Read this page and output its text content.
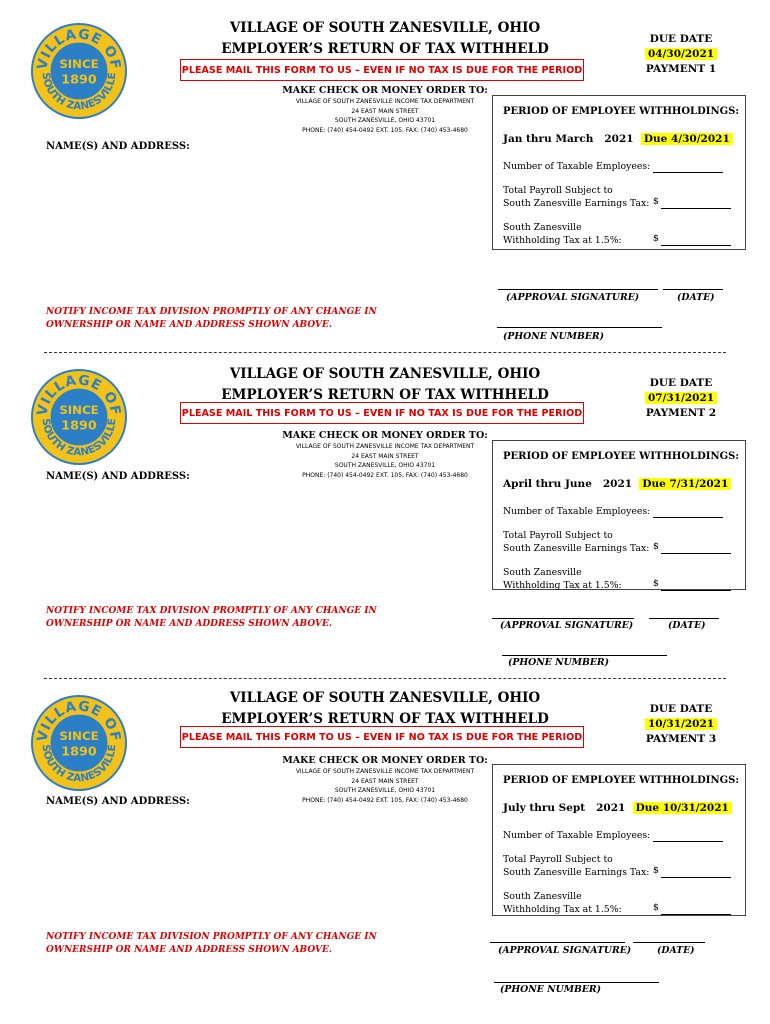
VILLAGE OF
SOUTH ZANESVILLE
SINCE
1890
VILLAGE OF SOUTH ZANESVILLE, OHIO
EMPLOYER’S RETURN OF TAX WITHHELD
PLEASE MAIL THIS FORM TO US – EVEN IF NO TAX IS DUE FOR THE PERIOD
DUE DATE
04/30/2021
PAYMENT 1
MAKE CHECK OR MONEY ORDER TO:
VILLAGE OF SOUTH ZANESVILLE INCOME TAX DEPARTMENT
24 EAST MAIN STREET
SOUTH ZANESVILLE, OHIO 43701
PHONE: (740) 454-0492 EXT. 105, FAX: (740) 453-4680
NAME(S) AND ADDRESS:
PERIOD OF EMPLOYEE WITHHOLDINGS:
Jan thru March 2021 Due 4/30/2021
Number of Taxable Employees:
Total Payroll Subject to
South Zanesville Earnings Tax: $
South Zanesville
Withholding Tax at 1.5%:	$
NOTIFY INCOME TAX DIVISION PROMPTLY OF ANY CHANGE IN
OWNERSHIP OR NAME AND ADDRESS SHOWN ABOVE.
(APPROVAL SIGNATURE)	(DATE)
(PHONE NUMBER)
VILLAGE OF
SOUTH ZANESVILLE
SINCE
1890
VILLAGE OF SOUTH ZANESVILLE, OHIO
EMPLOYER’S RETURN OF TAX WITHHELD
PLEASE MAIL THIS FORM TO US – EVEN IF NO TAX IS DUE FOR THE PERIOD
DUE DATE
07/31/2021
PAYMENT 2
MAKE CHECK OR MONEY ORDER TO:
VILLAGE OF SOUTH ZANESVILLE INCOME TAX DEPARTMENT
24 EAST MAIN STREET
SOUTH ZANESVILLE, OHIO 43701
PHONE: (740) 454-0492 EXT. 105, FAX: (740) 453-4680
NAME(S) AND ADDRESS:
PERIOD OF EMPLOYEE WITHHOLDINGS:
April thru June 2021 Due 7/31/2021
Number of Taxable Employees:
Total Payroll Subject to
South Zanesville Earnings Tax: $
South Zanesville
Withholding Tax at 1.5%:	$
NOTIFY INCOME TAX DIVISION PROMPTLY OF ANY CHANGE IN
OWNERSHIP OR NAME AND ADDRESS SHOWN ABOVE.	(APPROVAL SIGNATURE)	(DATE)
(PHONE NUMBER)
VILLAGE OF
SOUTH ZANESVILLE
SINCE
1890
VILLAGE OF SOUTH ZANESVILLE, OHIO
EMPLOYER’S RETURN OF TAX WITHHELD
PLEASE MAIL THIS FORM TO US – EVEN IF NO TAX IS DUE FOR THE PERIOD
DUE DATE
10/31/2021
PAYMENT 3
MAKE CHECK OR MONEY ORDER TO:
VILLAGE OF SOUTH ZANESVILLE INCOME TAX DEPARTMENT
24 EAST MAIN STREET
SOUTH ZANESVILLE, OHIO 43701
PHONE: (740) 454-0492 EXT. 105, FAX: (740) 453-4680
NAME(S) AND ADDRESS:
PERIOD OF EMPLOYEE WITHHOLDINGS:
July thru Sept 2021 Due 10/31/2021
Number of Taxable Employees:
Total Payroll Subject to
South Zanesville Earnings Tax: $
South Zanesville
Withholding Tax at 1.5%:	$
NOTIFY INCOME TAX DIVISION PROMPTLY OF ANY CHANGE IN
OWNERSHIP OR NAME AND ADDRESS SHOWN ABOVE.	(APPROVAL SIGNATURE)	(DATE)
(PHONE NUMBER)
